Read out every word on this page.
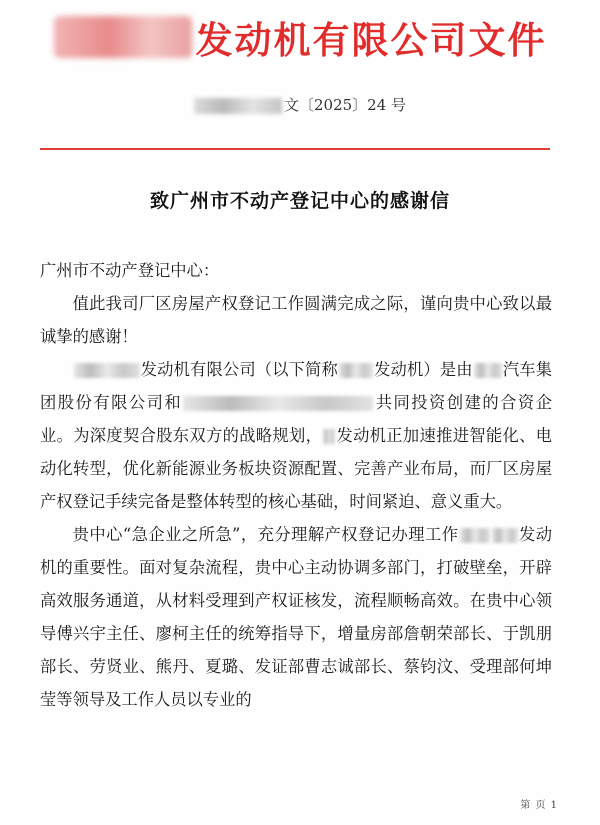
发动机有限公司文件
文〔2025〕24 号
致广州市不动产登记中心的感谢信

广州市不动产登记中心：

值此我司厂区房屋产权登记工作圆满完成之际，谨向贵中心致以最诚挚的感谢！

发动机有限公司（以下简称 发动机）是由 汽车集团股份有限公司和	共同投资创建的合资企业。为深度契合股东双方的战略规划， 发动机正加速推进智能化、电动化转型，优化新能源业务板块资源配置、完善产业布局，而厂区房屋产权登记手续完备是整体转型的核心基础，时间紧迫、意义重大。

贵中心“急企业之所急”，充分理解产权登记办理工作	发动机的重要性。面对复杂流程，贵中心主动协调多部门，打破壁垒，开辟高效服务通道，从材料受理到产权证核发，流程顺畅高效。在贵中心领导傅兴宇主任、廖柯主任的统筹指导下，增量房部詹朝荣部长、于凯朋部长、劳贤业、熊丹、夏璐、发证部曹志诚部长、蔡钧汶、受理部何坤莹等领导及工作人员以专业的

第 页 1
